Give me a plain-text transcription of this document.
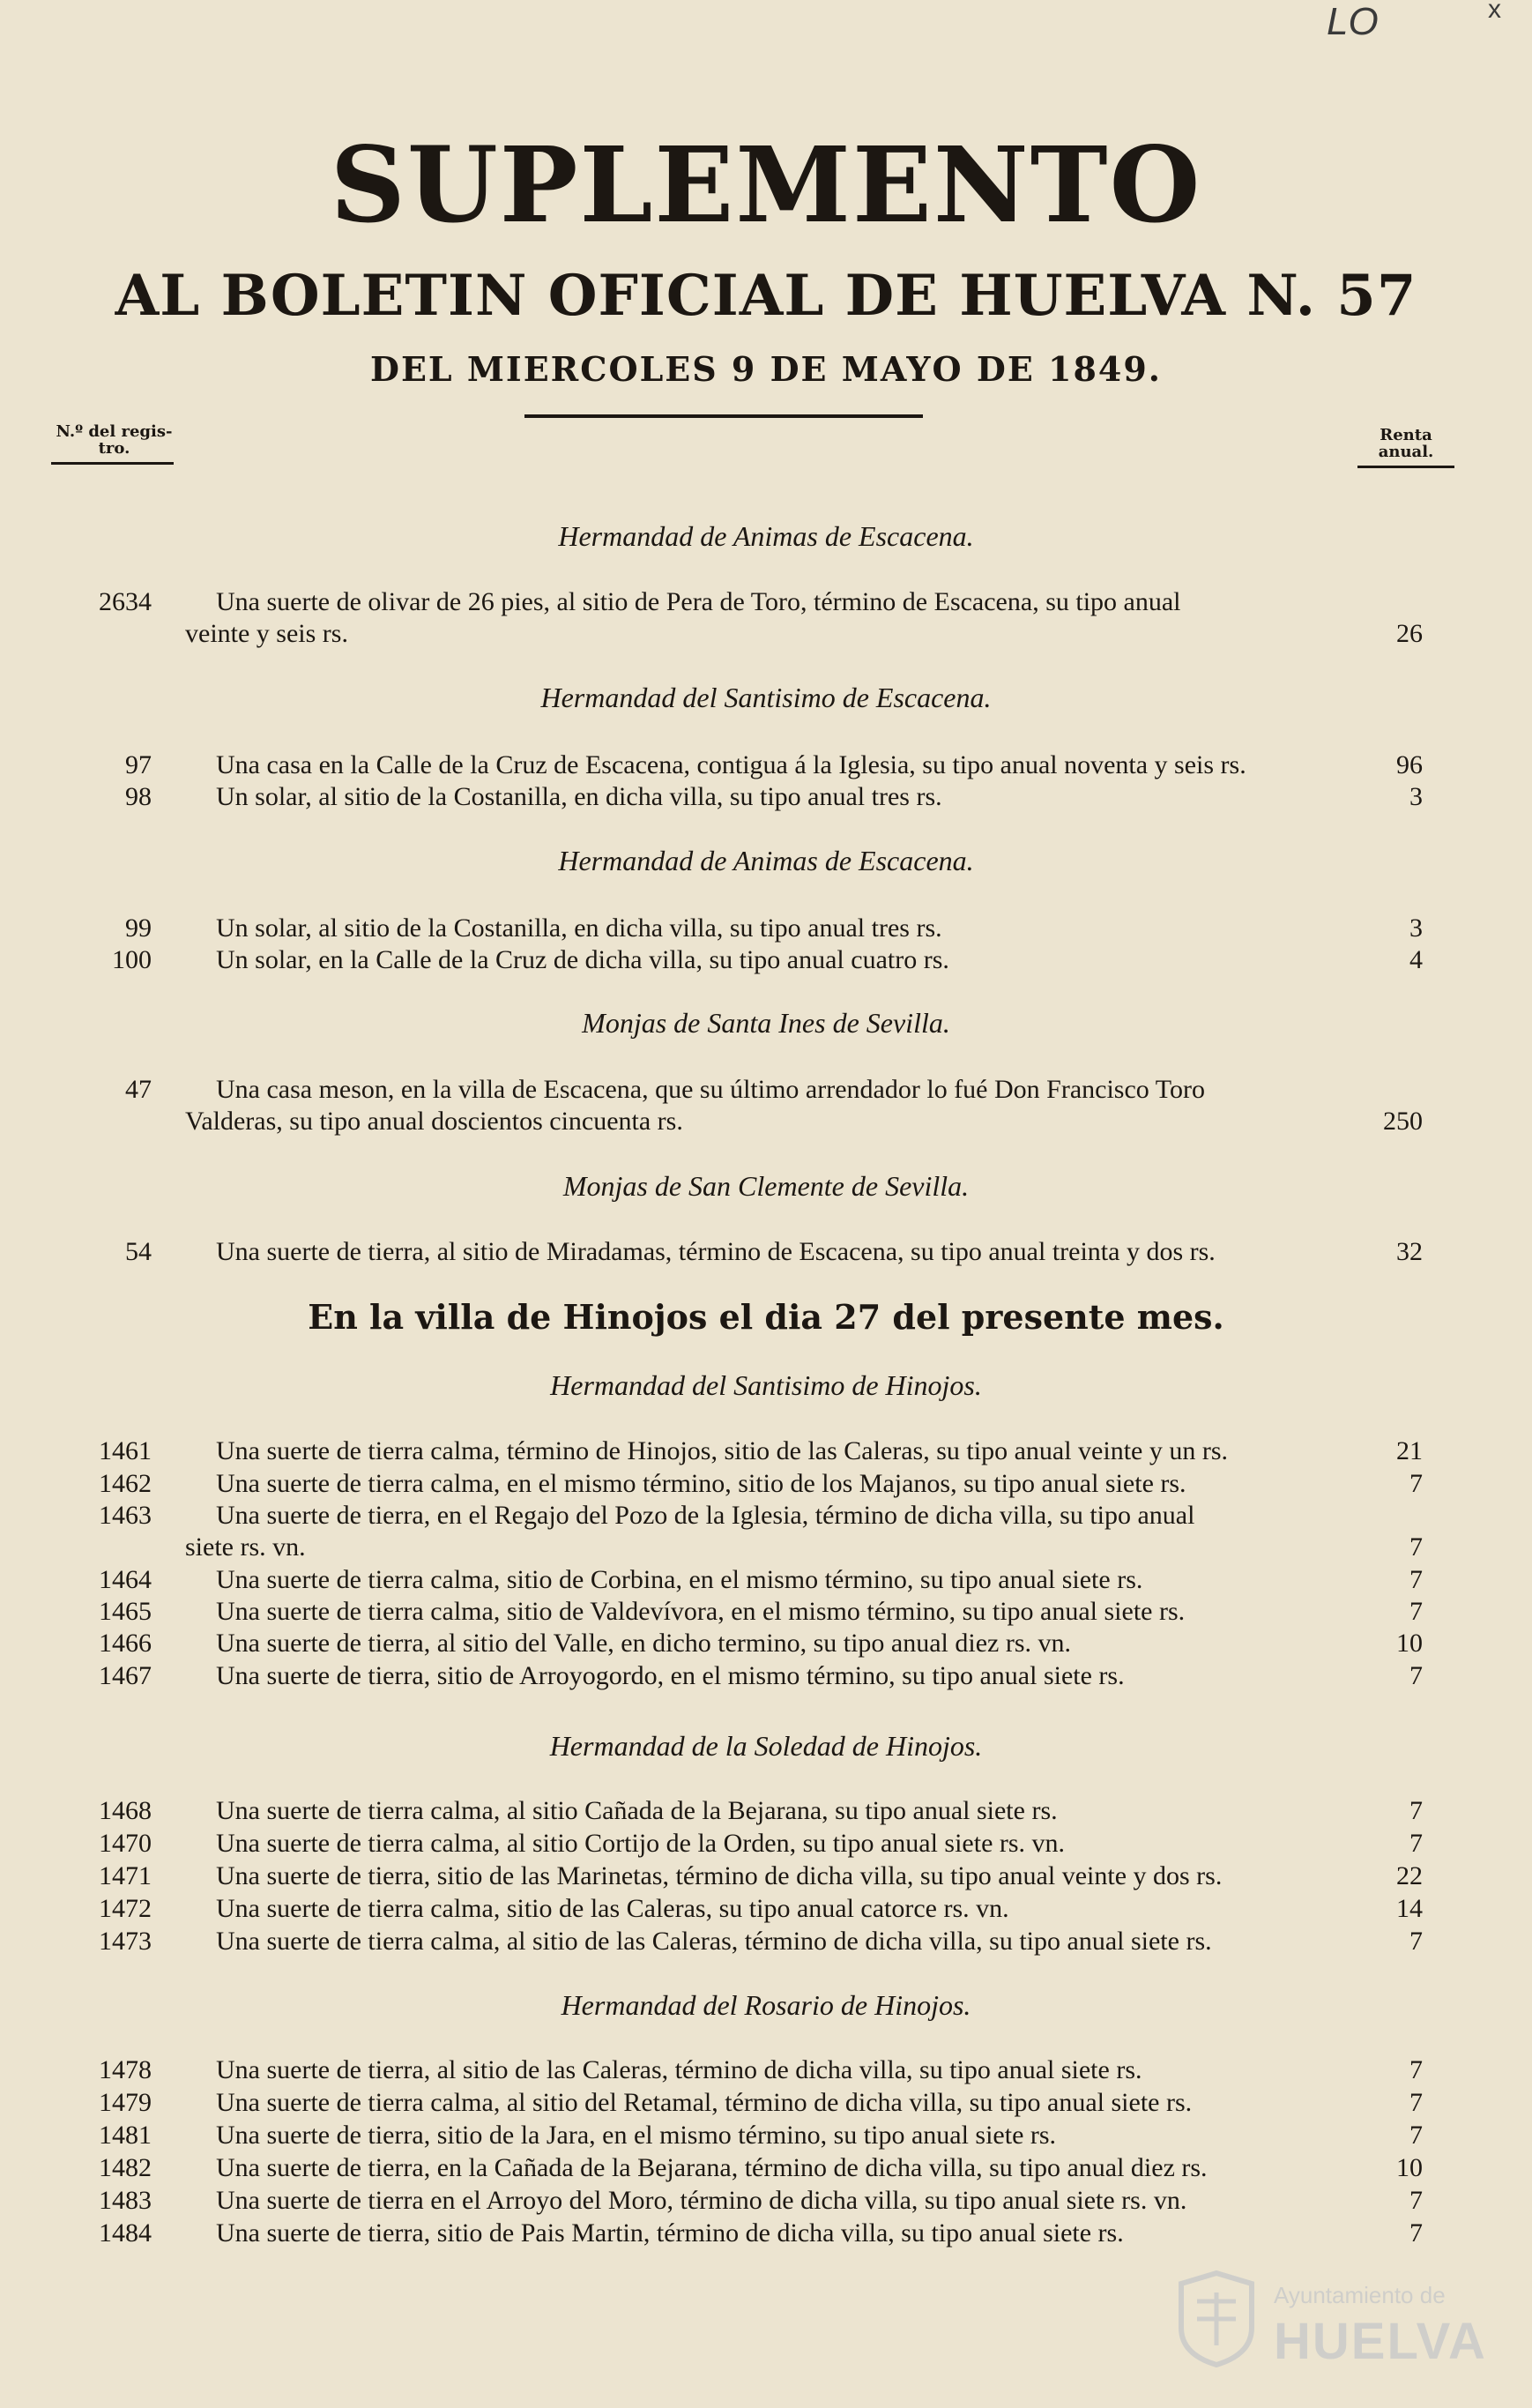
LO	x
SUPLEMENTO
AL BOLETIN OFICIAL DE HUELVA N. 57
DEL MIERCOLES 9 DE MAYO DE 1849.
N.º del regis-
tro.
Renta
anual.
Hermandad de Animas de Escacena.
2634 Una suerte de olivar de 26 pies, al sitio de Pera de Toro, término de Escacena, su tipo anual
veinte y seis rs.	26
Hermandad del Santisimo de Escacena.
97 Una casa en la Calle de la Cruz de Escacena, contigua á la Iglesia, su tipo anual noventa y seis rs.	96
98 Un solar, al sitio de la Costanilla, en dicha villa, su tipo anual tres rs.	3
Hermandad de Animas de Escacena.
99 Un solar, al sitio de la Costanilla, en dicha villa, su tipo anual tres rs.	3
100 Un solar, en la Calle de la Cruz de dicha villa, su tipo anual cuatro rs.	4
Monjas de Santa Ines de Sevilla.
47 Una casa meson, en la villa de Escacena, que su último arrendador lo fué Don Francisco Toro
Valderas, su tipo anual doscientos cincuenta rs.	250
Monjas de San Clemente de Sevilla.
54 Una suerte de tierra, al sitio de Miradamas, término de Escacena, su tipo anual treinta y dos rs.	32
En la villa de Hinojos el dia 27 del presente mes.
Hermandad del Santisimo de Hinojos.
1461 Una suerte de tierra calma, término de Hinojos, sitio de las Caleras, su tipo anual veinte y un rs.	21
1462 Una suerte de tierra calma, en el mismo término, sitio de los Majanos, su tipo anual siete rs.	7
1463 Una suerte de tierra, en el Regajo del Pozo de la Iglesia, término de dicha villa, su tipo anual
siete rs. vn.	7
1464 Una suerte de tierra calma, sitio de Corbina, en el mismo término, su tipo anual siete rs.	7
1465 Una suerte de tierra calma, sitio de Valdevívora, en el mismo término, su tipo anual siete rs.	7
1466 Una suerte de tierra, al sitio del Valle, en dicho termino, su tipo anual diez rs. vn.	10
1467 Una suerte de tierra, sitio de Arroyogordo, en el mismo término, su tipo anual siete rs.	7
Hermandad de la Soledad de Hinojos.
1468 Una suerte de tierra calma, al sitio Cañada de la Bejarana, su tipo anual siete rs.	7
1470 Una suerte de tierra calma, al sitio Cortijo de la Orden, su tipo anual siete rs. vn.	7
1471 Una suerte de tierra, sitio de las Marinetas, término de dicha villa, su tipo anual veinte y dos rs.	22
1472 Una suerte de tierra calma, sitio de las Caleras, su tipo anual catorce rs. vn.	14
1473 Una suerte de tierra calma, al sitio de las Caleras, término de dicha villa, su tipo anual siete rs.	7
Hermandad del Rosario de Hinojos.
1478 Una suerte de tierra, al sitio de las Caleras, término de dicha villa, su tipo anual siete rs.	7
1479 Una suerte de tierra calma, al sitio del Retamal, término de dicha villa, su tipo anual siete rs.	7
1481 Una suerte de tierra, sitio de la Jara, en el mismo término, su tipo anual siete rs.	7
1482 Una suerte de tierra, en la Cañada de la Bejarana, término de dicha villa, su tipo anual diez rs.	10
1483 Una suerte de tierra en el Arroyo del Moro, término de dicha villa, su tipo anual siete rs. vn.	7
1484 Una suerte de tierra, sitio de Pais Martin, término de dicha villa, su tipo anual siete rs.	7
Ayuntamiento de
HUELVA
